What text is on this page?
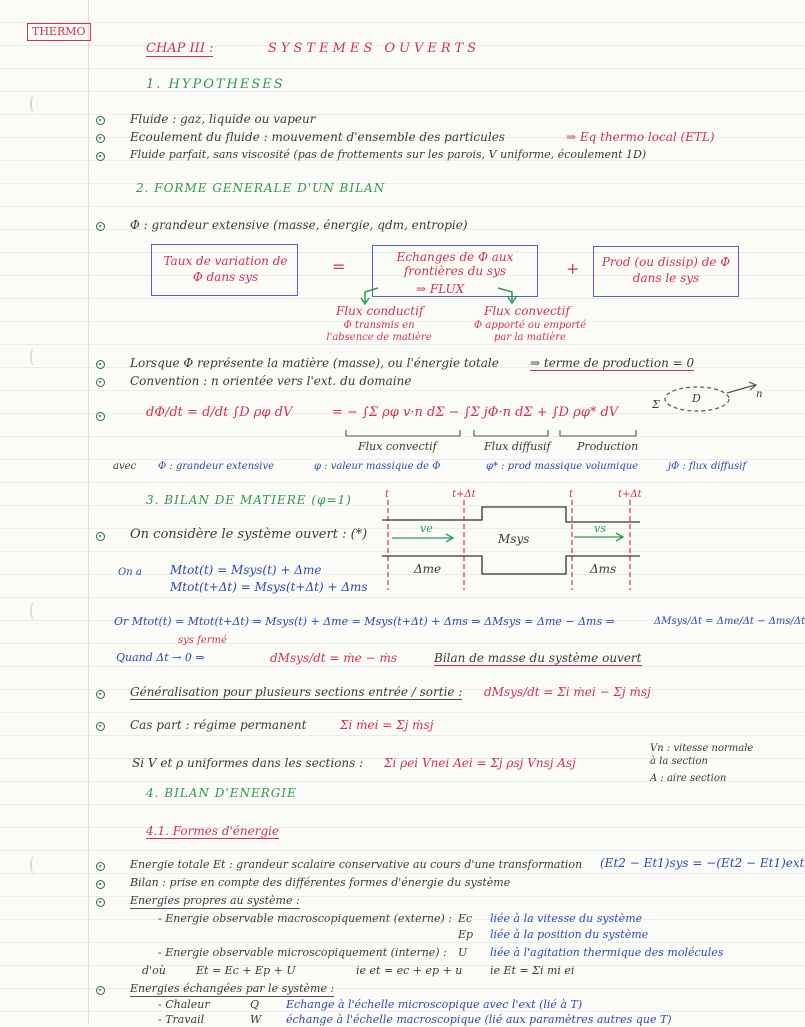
THERMO
CHAP III :	SYSTEMES OUVERTS
1. HYPOTHESES
Fluide : gaz, liquide ou vapeur
Ecoulement du fluide : mouvement d'ensemble des particules	⇒ Eq thermo local (ETL)
Fluide parfait, sans viscosité (pas de frottements sur les parois, V uniforme, écoulement 1D)
2. FORME GENERALE D'UN BILAN
Φ : grandeur extensive (masse, énergie, qdm, entropie)
Taux de variation de Φ dans sys
=	Echanges de Φ aux frontières du sys
⇒ FLUX
+ Prod (ou dissip) de Φ dans le sys
Flux conductif
Φ transmis en l'absence de matière
Flux convectif
Φ apporté ou emporté par la matière
Lorsque Φ représente la matière (masse), ou l'énergie totale	⇒ terme de production = 0
Convention : n orientée vers l'ext. du domaine
Σ	D	n
dΦ/dt = d/dt ∫D ρφ dV	= − ∫Σ ρφ v·n dΣ − ∫Σ jΦ·n dΣ + ∫D ρφ* dV
Flux convectif	Flux diffusif Production
avec Φ : grandeur extensive	φ : valeur massique de Φ	φ* : prod massique volumique	jΦ : flux diffusif
3. BILAN DE MATIERE (φ=1)
On considère le système ouvert : (*)
On a Mtot(t) = Msys(t) + Δme
Mtot(t+Δt) = Msys(t+Δt) + Δms
t	t+Δt	t	t+Δt
ve
Msys
vs
Δme	Δms
Or Mtot(t) = Mtot(t+Δt) ⇒ Msys(t) + Δme = Msys(t+Δt) + Δms ⇒ ΔMsys = Δme − Δms ⇒	ΔMsys/Δt = Δme/Δt − Δms/Δt
sys fermé
Quand Δt → 0 ⇒	dMsys/dt = ṁe − ṁs	Bilan de masse du système ouvert
Généralisation pour plusieurs sections entrée / sortie : dMsys/dt = Σi ṁei − Σj ṁsj
Cas part : régime permanent	Σi ṁei = Σj ṁsj
Si V et ρ uniformes dans les sections : Σi ρei Vnei Aei = Σj ρsj Vnsj Asj
Vn : vitesse normale à la section
A : aire section
4. BILAN D'ENERGIE
4.1. Formes d'énergie
Energie totale Et : grandeur scalaire conservative au cours d'une transformation (Et2 − Et1)sys = −(Et2 − Et1)ext
Bilan : prise en compte des différentes formes d'énergie du système
Energies propres au système :
- Energie observable macroscopiquement (externe) : Ec liée à la vitesse du système
Ep liée à la position du système
- Energie observable microscopiquement (interne) : U liée à l'agitation thermique des molécules
d'où	Et = Ec + Ep + U	ie et = ec + ep + u	ie Et = Σi mi ei
Energies échangées par le système :
- Chaleur	Q Echange à l'échelle microscopique avec l'ext (lié à T)
- Travail	W échange à l'échelle macroscopique (lié aux paramètres autres que T)
